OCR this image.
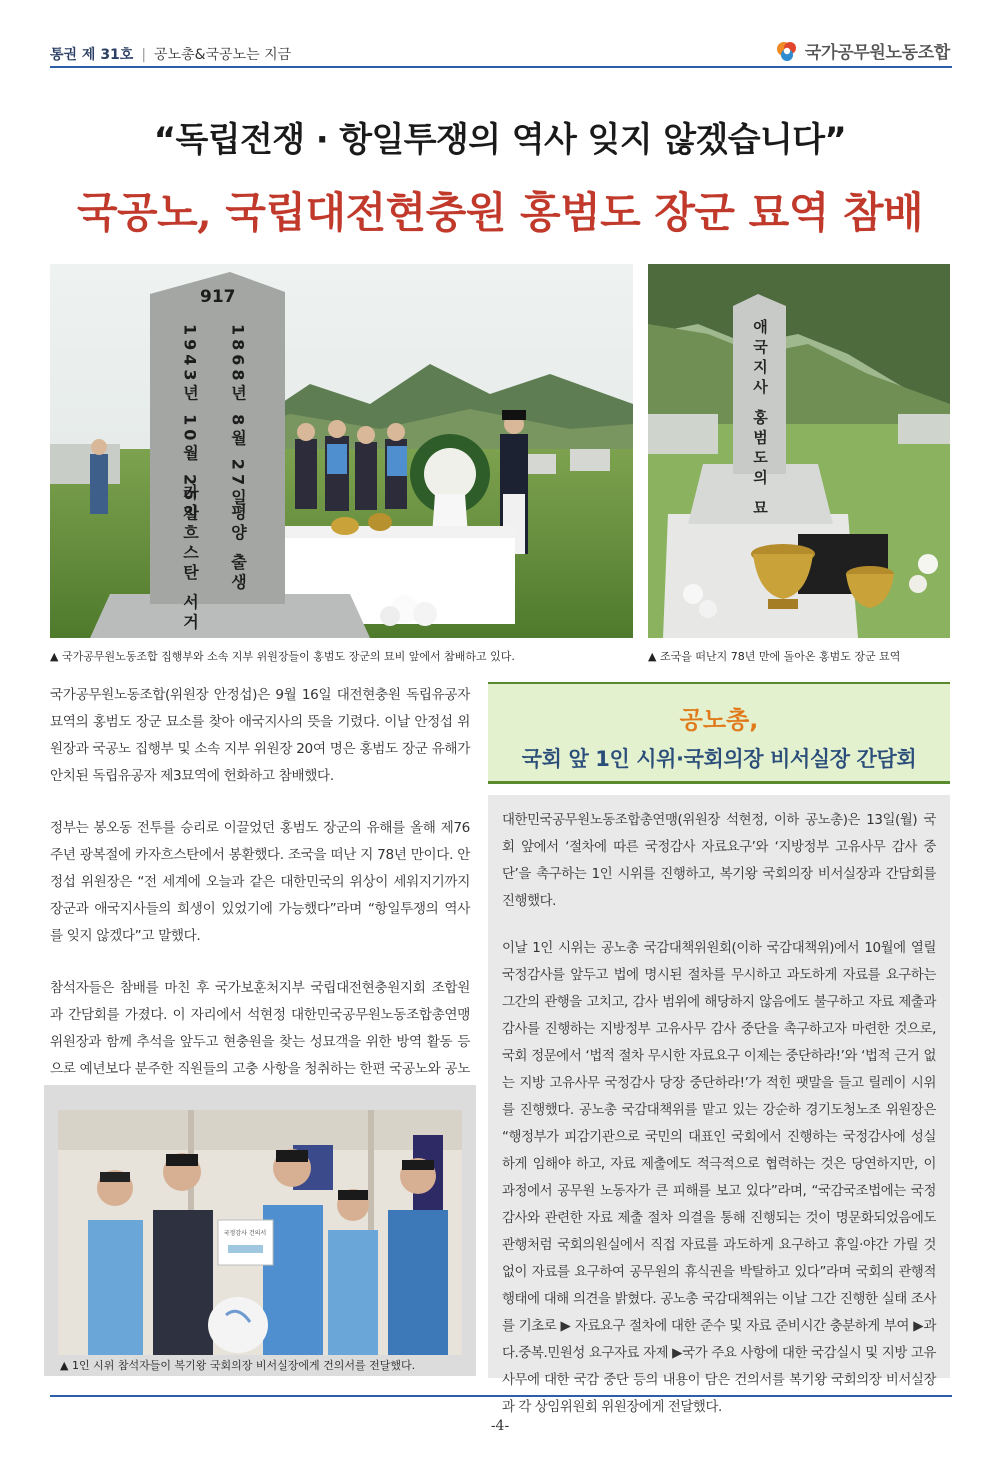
통권 제 31호 | 공노총&국공노는 지금	국가공무원노동조합
“독립전쟁 · 항일투쟁의 역사 잊지 않겠습니다”
국공노, 국립대전현충원 홍범도 장군 묘역 참배
917
1868년 8월 27일
평양 출생
1943년 10월 25일
카자흐스탄 서거
▲ 국가공무원노동조합 집행부와 소속 지부 위원장들이 홍범도 장군의 묘비 앞에서 참배하고 있다.
애국지사 홍범도의 묘
▲ 조국을 떠난지 78년 만에 돌아온 홍범도 장군 묘역

국가공무원노동조합(위원장 안정섭)은 9월 16일 대전현충원 독립유공자 묘역의 홍범도 장군 묘소를 찾아 애국지사의 뜻을 기렸다. 이날 안정섭 위원장과 국공노 집행부 및 소속 지부 위원장 20여 명은 홍범도 장군 유해가 안치된 독립유공자 제3묘역에 헌화하고 참배했다.

정부는 봉오동 전투를 승리로 이끌었던 홍범도 장군의 유해를 올해 제76주년 광복절에 카자흐스탄에서 봉환했다. 조국을 떠난 지 78년 만이다. 안정섭 위원장은 “전 세계에 오늘과 같은 대한민국의 위상이 세워지기까지 장군과 애국지사들의 희생이 있었기에 가능했다”라며 “항일투쟁의 역사를 잊지 않겠다”고 말했다.

참석자들은 참배를 마친 후 국가보훈처지부 국립대전현충원지회 조합원과 간담회를 가졌다. 이 자리에서 석현정 대한민국공무원노동조합총연맹 위원장과 함께 추석을 앞두고 현충원을 찾는 성묘객을 위한 방역 활동 등으로 예년보다 분주한 직원들의 고충 사항을 청취하는 한편 국공노와 공노

국정감사 건의서
▲ 1인 시위 참석자들이 복기왕 국회의장 비서실장에게 건의서를 전달했다.
공노총,
국회 앞 1인 시위·국회의장 비서실장 간담회

대한민국공무원노동조합총연맹(위원장 석현정, 이하 공노총)은 13일(월) 국회 앞에서 ‘절차에 따른 국정감사 자료요구’와 ‘지방정부 고유사무 감사 중단’을 촉구하는 1인 시위를 진행하고, 복기왕 국회의장 비서실장과 간담회를 진행했다.

이날 1인 시위는 공노총 국감대책위원회(이하 국감대책위)에서 10월에 열릴 국정감사를 앞두고 법에 명시된 절차를 무시하고 과도하게 자료를 요구하는 그간의 관행을 고치고, 감사 범위에 해당하지 않음에도 불구하고 자료 제출과 감사를 진행하는 지방정부 고유사무 감사 중단을 촉구하고자 마련한 것으로, 국회 정문에서 ‘법적 절차 무시한 자료요구 이제는 중단하라!’와 ‘법적 근거 없는 지방 고유사무 국정감사 당장 중단하라!’가 적힌 팻말을 들고 릴레이 시위를 진행했다. 공노총 국감대책위를 맡고 있는 강순하 경기도청노조 위원장은 “행정부가 피감기관으로 국민의 대표인 국회에서 진행하는 국정감사에 성실하게 임해야 하고, 자료 제출에도 적극적으로 협력하는 것은 당연하지만, 이 과정에서 공무원 노동자가 큰 피해를 보고 있다”라며, “국감국조법에는 국정감사와 관련한 자료 제출 절차 의결을 통해 진행되는 것이 명문화되었음에도 관행처럼 국회의원실에서 직접 자료를 과도하게 요구하고 휴일·야간 가릴 것 없이 자료를 요구하여 공무원의 휴식권을 박탈하고 있다”라며 국회의 관행적 행태에 대해 의견을 밝혔다. 공노총 국감대책위는 이날 그간 진행한 실태 조사를 기초로 ▶ 자료요구 절차에 대한 준수 및 자료 준비시간 충분하게 부여 ▶과다.중복.민원성 요구자료 자제 ▶국가 주요 사항에 대한 국감실시 및 지방 고유사무에 대한 국감 중단 등의 내용이 담은 건의서를 복기왕 국회의장 비서실장과 각 상임위원회 위원장에게 전달했다.

-4-
